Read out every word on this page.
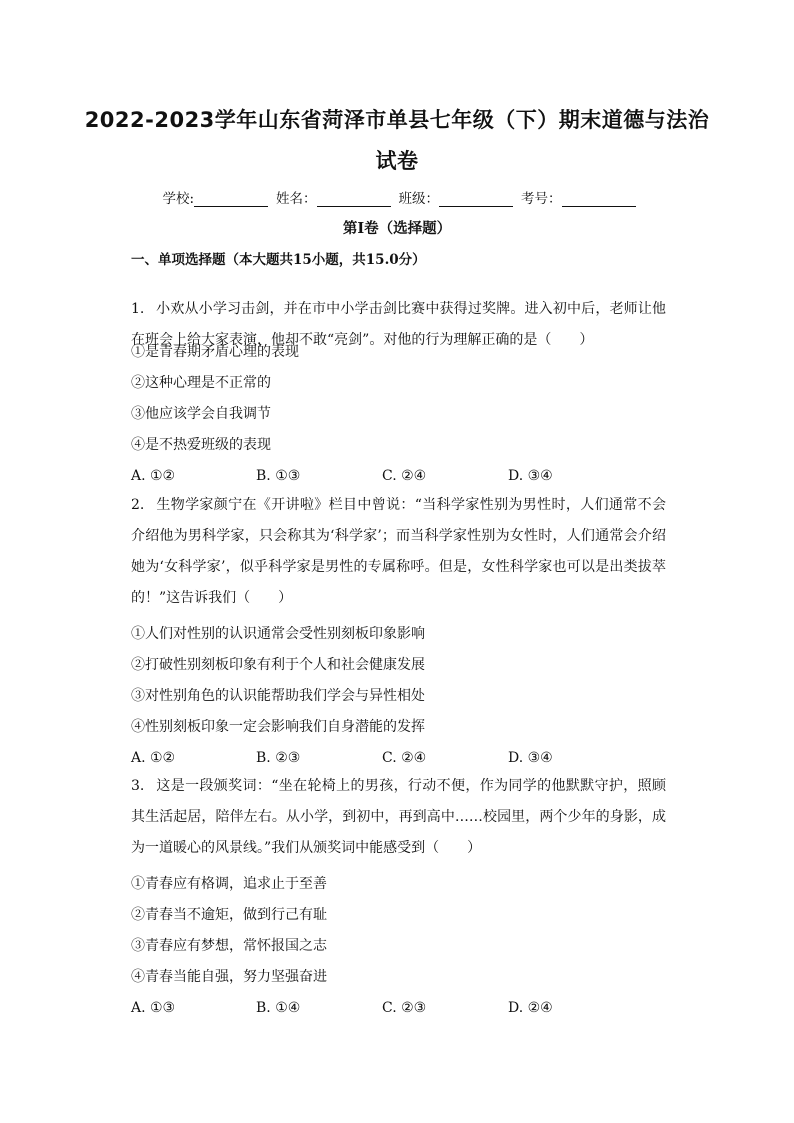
2022-2023学年山东省菏泽市单县七年级（下）期末道德与法治
试卷
学校:	姓名：	班级：	考号：
第I卷（选择题）
一、单项选择题（本大题共15小题，共15.0分）
1. 小欢从小学习击剑，并在市中小学击剑比赛中获得过奖牌。进入初中后，老师让他在班会上给大家表演，他却不敢“亮剑”。对他的行为理解正确的是（　　）
①是青春期矛盾心理的表现
②这种心理是不正常的
③他应该学会自我调节
④是不热爱班级的表现
A. ①②	B. ①③	C. ②④	D. ③④
2. 生物学家颜宁在《开讲啦》栏目中曾说：“当科学家性别为男性时，人们通常不会介绍他为男科学家，只会称其为‘科学家’；而当科学家性别为女性时，人们通常会介绍她为‘女科学家’，似乎科学家是男性的专属称呼。但是，女性科学家也可以是出类拔萃的！”这告诉我们（　　）
①人们对性别的认识通常会受性别刻板印象影响
②打破性别刻板印象有利于个人和社会健康发展
③对性别角色的认识能帮助我们学会与异性相处
④性别刻板印象一定会影响我们自身潜能的发挥
A. ①②	B. ②③	C. ②④	D. ③④
3. 这是一段颁奖词：“坐在轮椅上的男孩，行动不便，作为同学的他默默守护，照顾其生活起居，陪伴左右。从小学，到初中，再到高中……校园里，两个少年的身影，成为一道暖心的风景线。”我们从颁奖词中能感受到（　　）
①青春应有格调，追求止于至善
②青春当不逾矩，做到行己有耻
③青春应有梦想，常怀报国之志
④青春当能自强，努力坚强奋进
A. ①③	B. ①④	C. ②③	D. ②④
